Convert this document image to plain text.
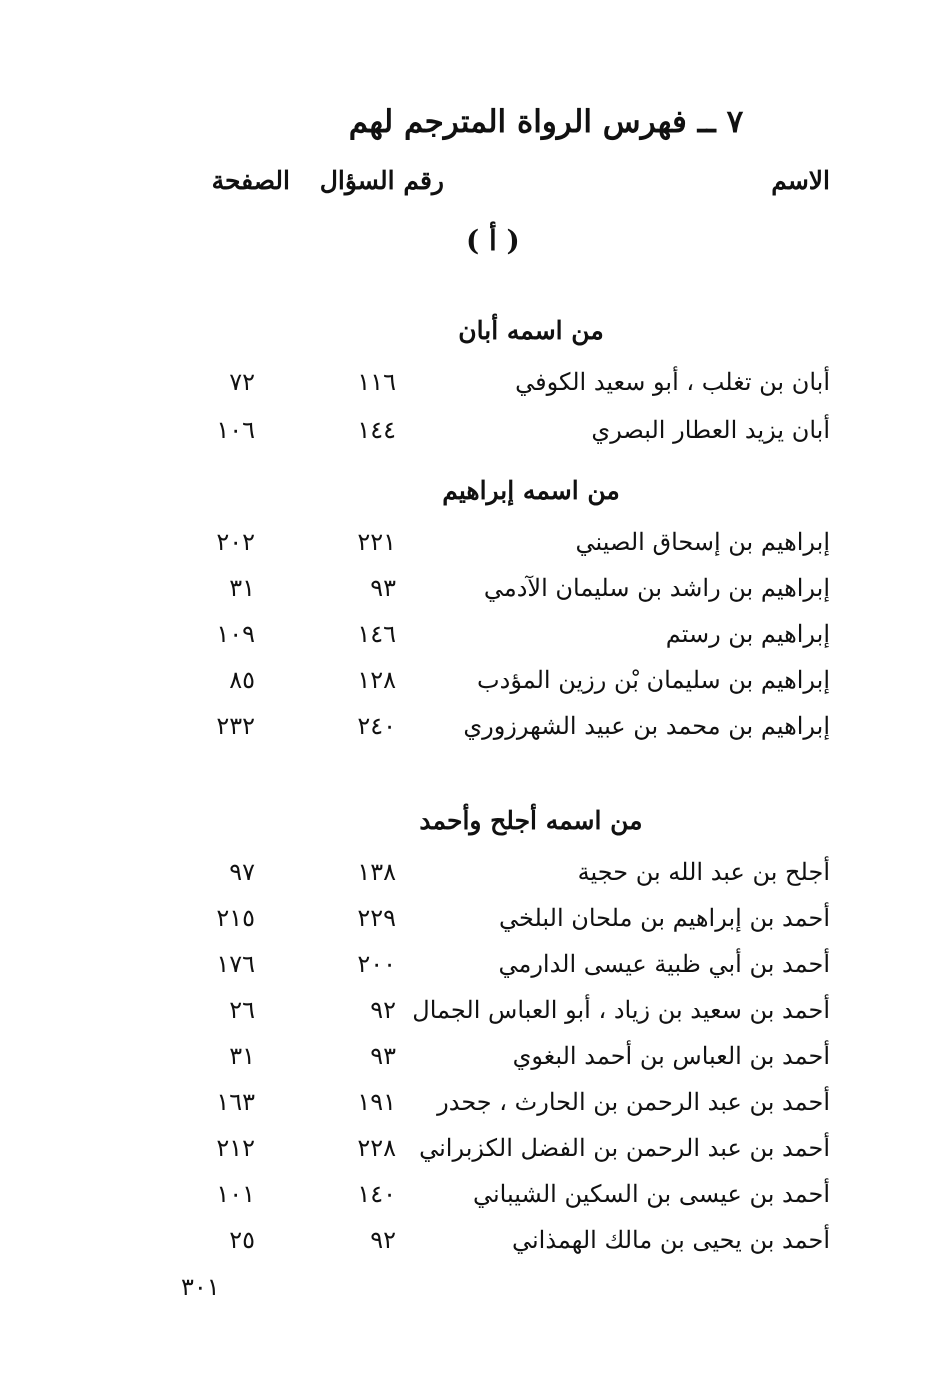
٧ ــ فهرس الرواة المترجم لهم
الاسم
رقم السؤال
الصفحة
( أ )
من اسمه أبان
أبان بن تغلب ، أبو سعيد الكوفي
١١٦
٧٢
أبان يزيد العطار البصري
١٤٤
١٠٦
من اسمه إبراهيم
إبراهيم بن إسحاق الصيني
٢٢١
٢٠٢
إبراهيم بن راشد بن سليمان الآدمي
٩٣
٣١
إبراهيم بن رستم
١٤٦
١٠٩
إبراهيم بن سليمان بْن رزين المؤدب
١٢٨
٨٥
إبراهيم بن محمد بن عبيد الشهرزوري
٢٤٠
٢٣٢
من اسمه أجلح وأحمد
أجلح بن عبد الله بن حجية
١٣٨
٩٧
أحمد بن إبراهيم بن ملحان البلخي
٢٢٩
٢١٥
أحمد بن أبي ظبية عيسى الدارمي
٢٠٠
١٧٦
أحمد بن سعيد بن زياد ، أبو العباس الجمال
٩٢
٢٦
أحمد بن العباس بن أحمد البغوي
٩٣
٣١
أحمد بن عبد الرحمن بن الحارث ، جحدر
١٩١
١٦٣
أحمد بن عبد الرحمن بن الفضل الكزبراني
٢٢٨
٢١٢
أحمد بن عيسى بن السكين الشيباني
١٤٠
١٠١
أحمد بن يحيى بن مالك الهمذاني
٩٢
٢٥
٣٠١
